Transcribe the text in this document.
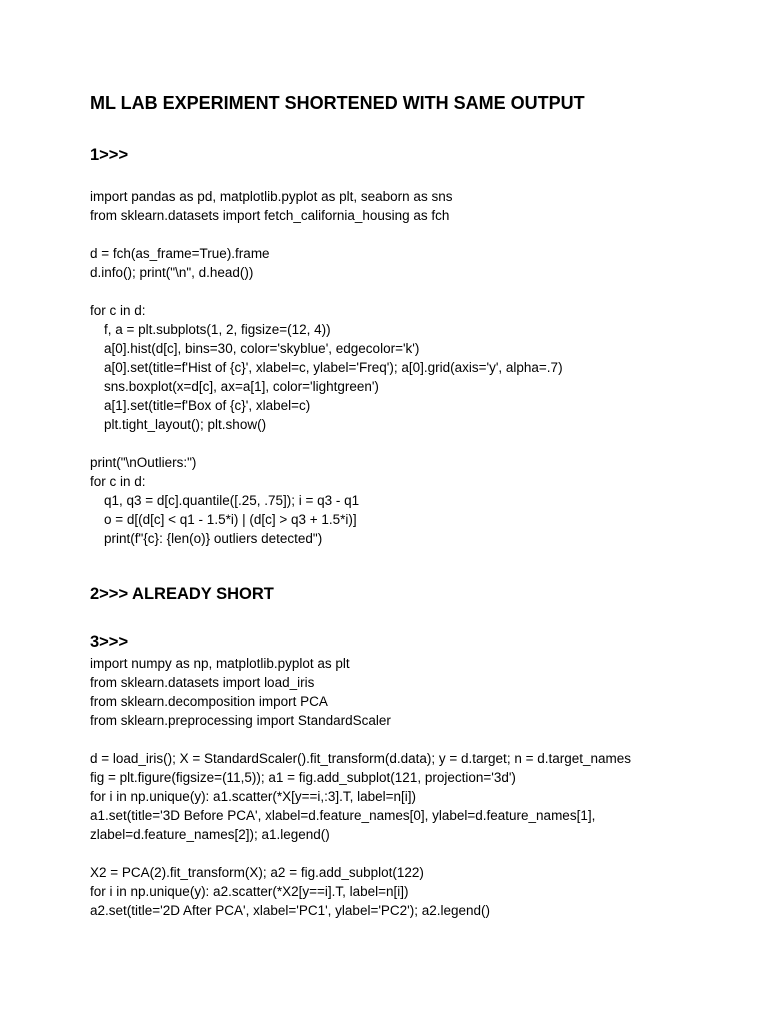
ML LAB EXPERIMENT SHORTENED WITH SAME OUTPUT
1>>>
import pandas as pd, matplotlib.pyplot as plt, seaborn as sns
from sklearn.datasets import fetch_california_housing as fch
d = fch(as_frame=True).frame
d.info(); print("\n", d.head())
for c in d:
f, a = plt.subplots(1, 2, figsize=(12, 4))
a[0].hist(d[c], bins=30, color='skyblue', edgecolor='k')
a[0].set(title=f'Hist of {c}', xlabel=c, ylabel='Freq'); a[0].grid(axis='y', alpha=.7)
sns.boxplot(x=d[c], ax=a[1], color='lightgreen')
a[1].set(title=f'Box of {c}', xlabel=c)
plt.tight_layout(); plt.show()
print("\nOutliers:")
for c in d:
q1, q3 = d[c].quantile([.25, .75]); i = q3 - q1
o = d[(d[c] < q1 - 1.5*i) | (d[c] > q3 + 1.5*i)]
print(f"{c}: {len(o)} outliers detected")
2>>> ALREADY SHORT
3>>>
import numpy as np, matplotlib.pyplot as plt
from sklearn.datasets import load_iris
from sklearn.decomposition import PCA
from sklearn.preprocessing import StandardScaler
d = load_iris(); X = StandardScaler().fit_transform(d.data); y = d.target; n = d.target_names
fig = plt.figure(figsize=(11,5)); a1 = fig.add_subplot(121, projection='3d')
for i in np.unique(y): a1.scatter(*X[y==i,:3].T, label=n[i])
a1.set(title='3D Before PCA', xlabel=d.feature_names[0], ylabel=d.feature_names[1],
zlabel=d.feature_names[2]); a1.legend()
X2 = PCA(2).fit_transform(X); a2 = fig.add_subplot(122)
for i in np.unique(y): a2.scatter(*X2[y==i].T, label=n[i])
a2.set(title='2D After PCA', xlabel='PC1', ylabel='PC2'); a2.legend()
